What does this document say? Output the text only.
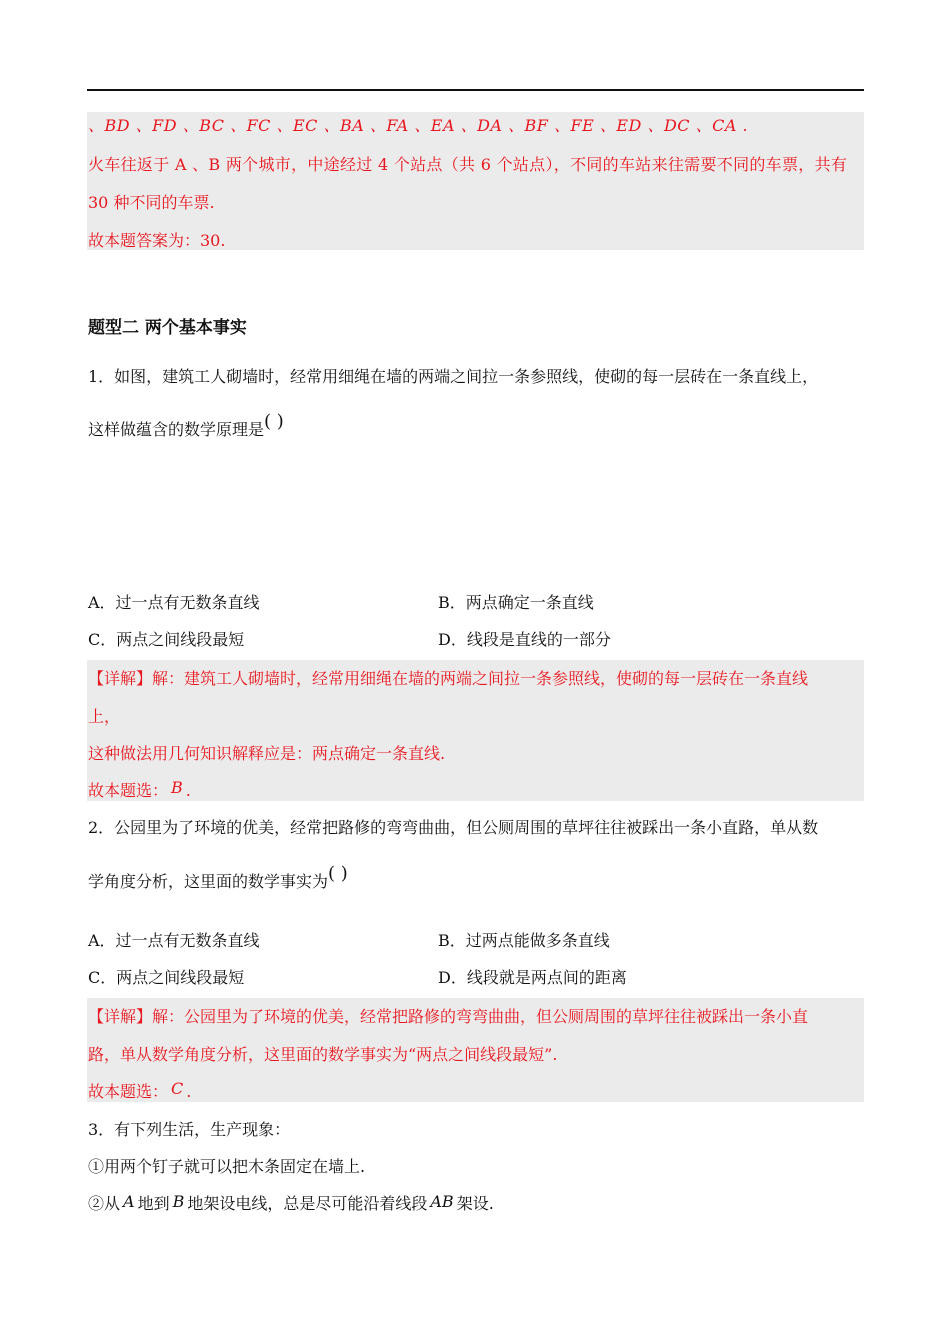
、BD 、FD 、BC 、FC 、EC 、BA 、FA 、EA 、DA 、BF 、FE 、ED 、DC 、CA .
火车往返于 A 、B 两个城市，中途经过 4 个站点（共 6 个站点），不同的车站来往需要不同的车票，共有
30 种不同的车票.
故本题答案为：30.
题型二 两个基本事实
1．如图，建筑工人砌墙时，经常用细绳在墙的两端之间拉一条参照线，使砌的每一层砖在一条直线上，
这样做蕴含的数学原理是( )
A．过一点有无数条直线	B．两点确定一条直线
C．两点之间线段最短	D．线段是直线的一部分
【详解】解：建筑工人砌墙时，经常用细绳在墙的两端之间拉一条参照线，使砌的每一层砖在一条直线
上，
这种做法用几何知识解释应是：两点确定一条直线.
故本题选： B .
2．公园里为了环境的优美，经常把路修的弯弯曲曲，但公厕周围的草坪往往被踩出一条小直路，单从数
学角度分析，这里面的数学事实为( )
A．过一点有无数条直线	B．过两点能做多条直线
C．两点之间线段最短	D．线段就是两点间的距离
【详解】解：公园里为了环境的优美，经常把路修的弯弯曲曲，但公厕周围的草坪往往被踩出一条小直
路，单从数学角度分析，这里面的数学事实为“两点之间线段最短”.
故本题选： C .
3．有下列生活，生产现象：
①用两个钉子就可以把木条固定在墙上.
②从 A 地到 B 地架设电线，总是尽可能沿着线段 AB 架设.
